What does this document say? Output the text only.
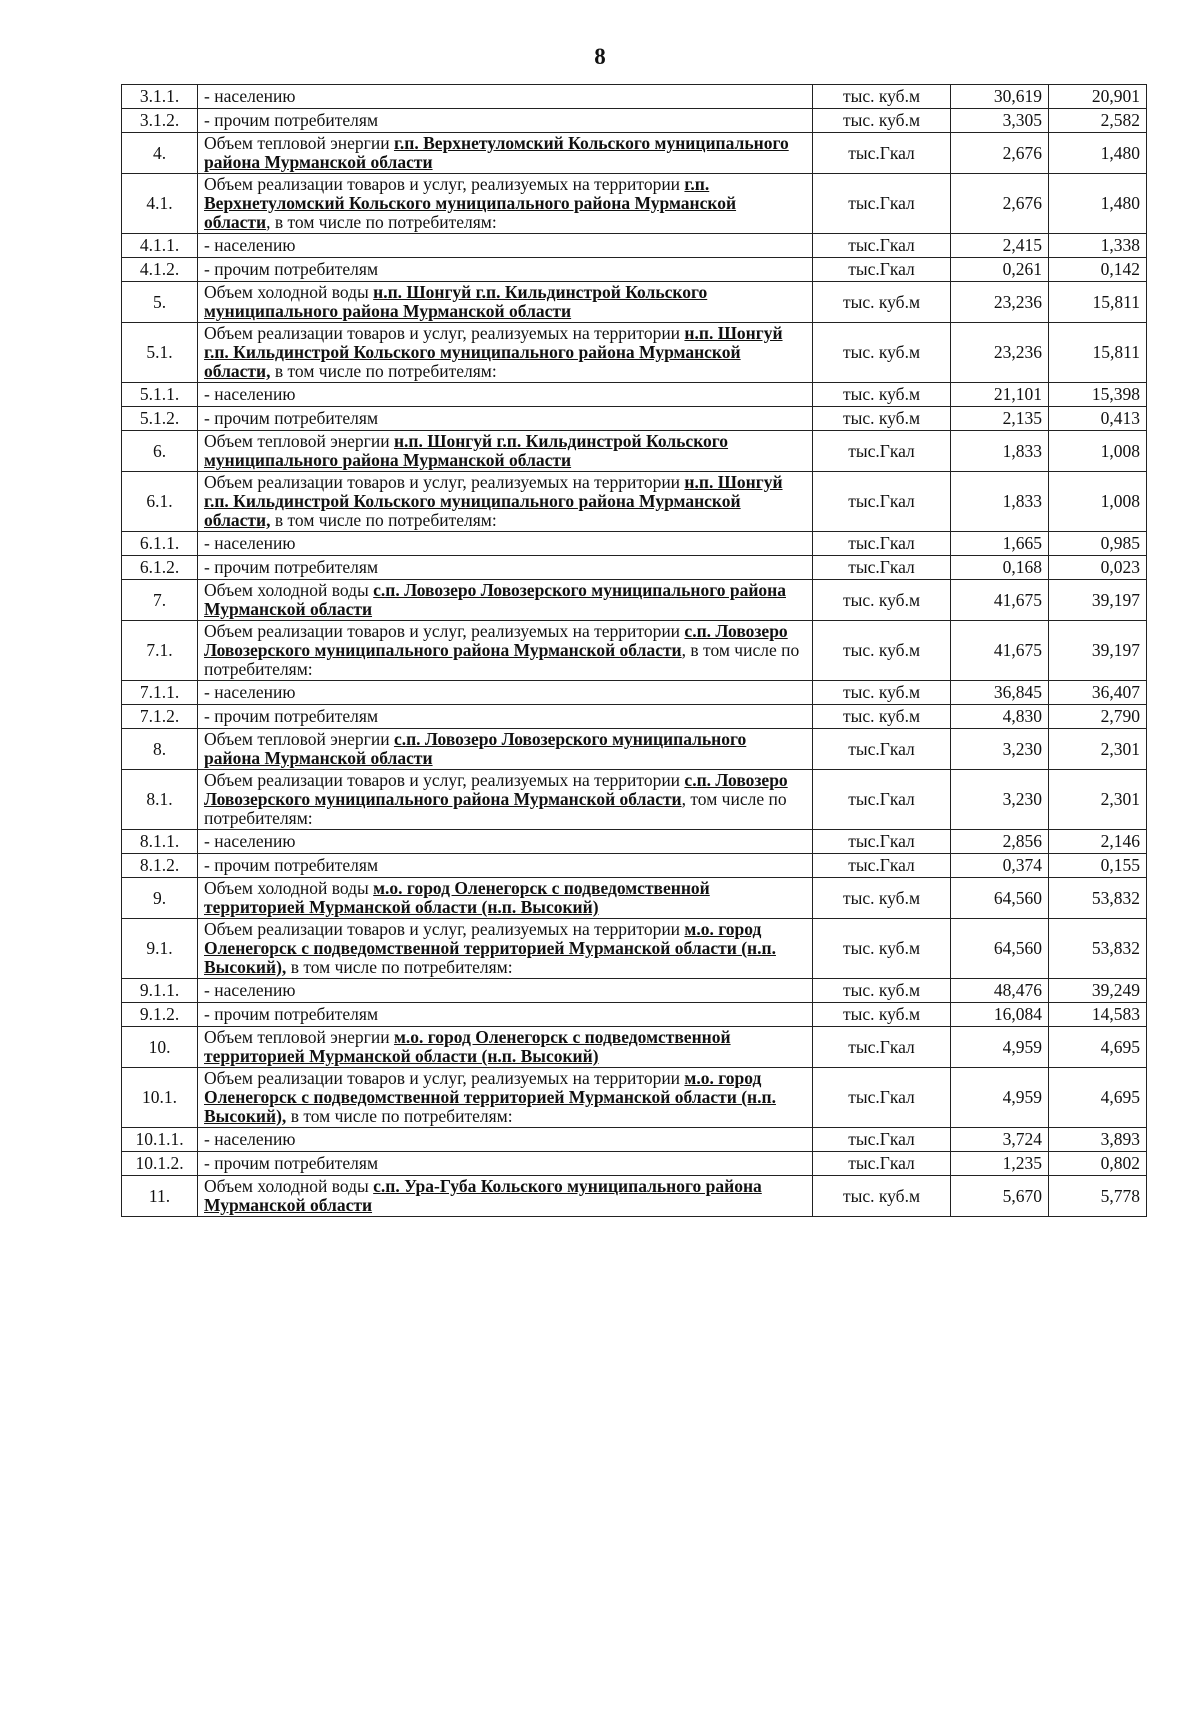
8
3.1.1.	- населению	тыс. куб.м	30,619	20,901
3.1.2.	- прочим потребителям	тыс. куб.м	3,305	2,582
4.	Объем тепловой энергии г.п. Верхнетуломский Кольского муниципального района Мурманской области	тыс.Гкал	2,676	1,480
4.1.	Объем реализации товаров и услуг, реализуемых на территории г.п. Верхнетуломский Кольского муниципального района Мурманской области, в том числе по потребителям:	тыс.Гкал	2,676	1,480
4.1.1.	- населению	тыс.Гкал	2,415	1,338
4.1.2.	- прочим потребителям	тыс.Гкал	0,261	0,142
5.	Объем холодной воды н.п. Шонгуй г.п. Кильдинстрой Кольского муниципального района Мурманской области	тыс. куб.м	23,236	15,811
5.1.	Объем реализации товаров и услуг, реализуемых на территории н.п. Шонгуй г.п. Кильдинстрой Кольского муниципального района Мурманской области, в том числе по потребителям:	тыс. куб.м	23,236	15,811
5.1.1.	- населению	тыс. куб.м	21,101	15,398
5.1.2.	- прочим потребителям	тыс. куб.м	2,135	0,413
6.	Объем тепловой энергии н.п. Шонгуй г.п. Кильдинстрой Кольского муниципального района Мурманской области	тыс.Гкал	1,833	1,008
6.1.	Объем реализации товаров и услуг, реализуемых на территории н.п. Шонгуй г.п. Кильдинстрой Кольского муниципального района Мурманской области, в том числе по потребителям:	тыс.Гкал	1,833	1,008
6.1.1.	- населению	тыс.Гкал	1,665	0,985
6.1.2.	- прочим потребителям	тыс.Гкал	0,168	0,023
7.	Объем холодной воды с.п. Ловозеро Ловозерского муниципального района Мурманской области	тыс. куб.м	41,675	39,197
7.1.	Объем реализации товаров и услуг, реализуемых на территории с.п. Ловозеро Ловозерского муниципального района Мурманской области, в том числе по потребителям:	тыс. куб.м	41,675	39,197
7.1.1.	- населению	тыс. куб.м	36,845	36,407
7.1.2.	- прочим потребителям	тыс. куб.м	4,830	2,790
8.	Объем тепловой энергии с.п. Ловозеро Ловозерского муниципального района Мурманской области	тыс.Гкал	3,230	2,301
8.1.	Объем реализации товаров и услуг, реализуемых на территории с.п. Ловозеро Ловозерского муниципального района Мурманской области, том числе по потребителям:	тыс.Гкал	3,230	2,301
8.1.1.	- населению	тыс.Гкал	2,856	2,146
8.1.2.	- прочим потребителям	тыс.Гкал	0,374	0,155
9.	Объем холодной воды м.о. город Оленегорск с подведомственной территорией Мурманской области (н.п. Высокий)	тыс. куб.м	64,560	53,832
9.1.	Объем реализации товаров и услуг, реализуемых на территории м.о. город Оленегорск с подведомственной территорией Мурманской области (н.п. Высокий), в том числе по потребителям:	тыс. куб.м	64,560	53,832
9.1.1.	- населению	тыс. куб.м	48,476	39,249
9.1.2.	- прочим потребителям	тыс. куб.м	16,084	14,583
10.	Объем тепловой энергии м.о. город Оленегорск с подведомственной территорией Мурманской области (н.п. Высокий)	тыс.Гкал	4,959	4,695
10.1.	Объем реализации товаров и услуг, реализуемых на территории м.о. город Оленегорск с подведомственной территорией Мурманской области (н.п. Высокий), в том числе по потребителям:	тыс.Гкал	4,959	4,695
10.1.1.	- населению	тыс.Гкал	3,724	3,893
10.1.2.	- прочим потребителям	тыс.Гкал	1,235	0,802
11.	Объем холодной воды с.п. Ура-Губа Кольского муниципального района Мурманской области	тыс. куб.м	5,670	5,778
